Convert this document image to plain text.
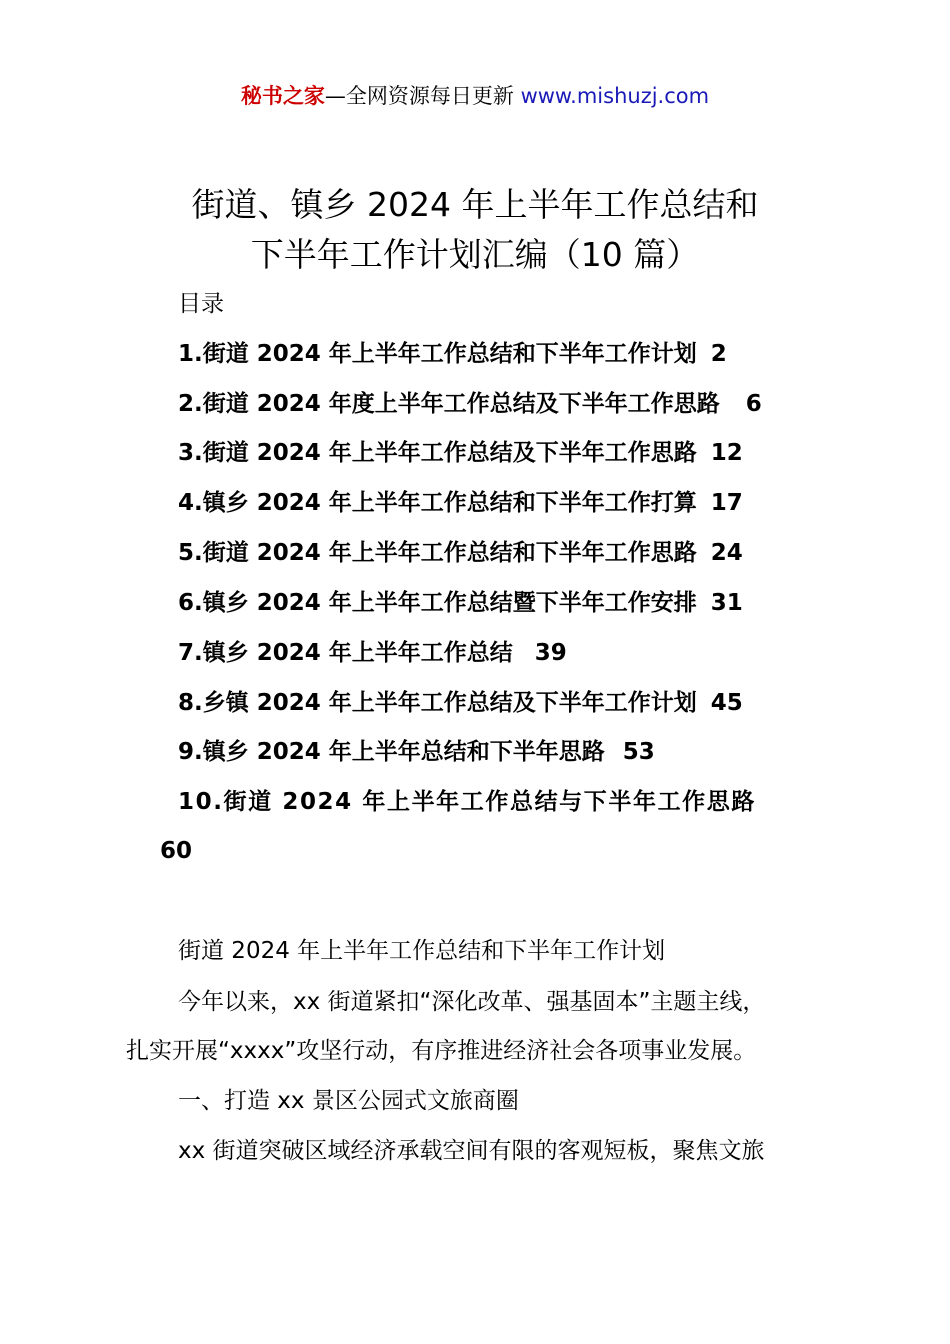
秘书之家—全网资源每日更新 www.mishuzj.com
街道、镇乡 2024 年上半年工作总结和
下半年工作计划汇编（10 篇）
目录
1.街道 2024 年上半年工作总结和下半年工作计划 2
2.街道 2024 年度上半年工作总结及下半年工作思路 6
3.街道 2024 年上半年工作总结及下半年工作思路 12
4.镇乡 2024 年上半年工作总结和下半年工作打算 17
5.街道 2024 年上半年工作总结和下半年工作思路 24
6.镇乡 2024 年上半年工作总结暨下半年工作安排 31
7.镇乡 2024 年上半年工作总结 39
8.乡镇 2024 年上半年工作总结及下半年工作计划 45
9.镇乡 2024 年上半年总结和下半年思路 53
10.街道 2024 年上半年工作总结与下半年工作思路
60
街道 2024 年上半年工作总结和下半年工作计划
今年以来，xx 街道紧扣“深化改革、强基固本”主题主线，
扎实开展“xxxx”攻坚行动，有序推进经济社会各项事业发展。
一、打造 xx 景区公园式文旅商圈
xx 街道突破区域经济承载空间有限的客观短板，聚焦文旅
